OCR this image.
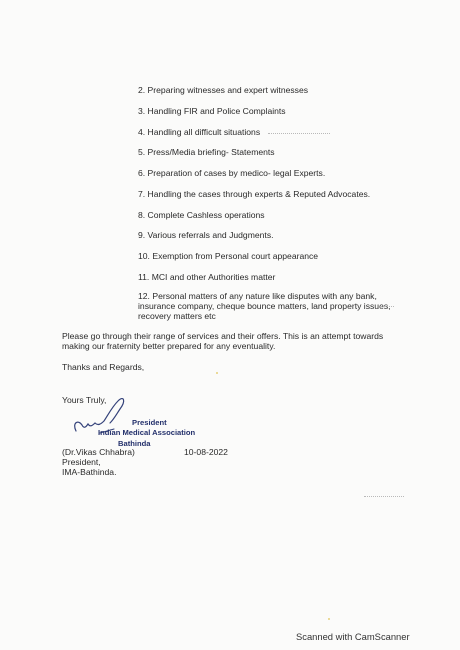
2. Preparing witnesses and expert witnesses
3. Handling FIR and Police Complaints
4. Handling all difficult situations
5. Press/Media briefing- Statements
6. Preparation of cases by medico- legal Experts.
7. Handling the cases through experts & Reputed Advocates.
8. Complete Cashless operations
9. Various referrals and Judgments.
10. Exemption from Personal court appearance
11. MCI and other Authorities matter
12. Personal matters of any nature like disputes with any bank, insurance company, cheque bounce matters, land property issues, recovery matters etc
Please go through their range of services and their offers. This is an attempt towards making our fraternity better prepared for any eventuality.
Thanks and Regards,
Yours Truly,
President
Indian Medical Association
Bathinda
(Dr.Vikas Chhabra)
President,
IMA-Bathinda.
10-08-2022
Scanned with CamScanner
